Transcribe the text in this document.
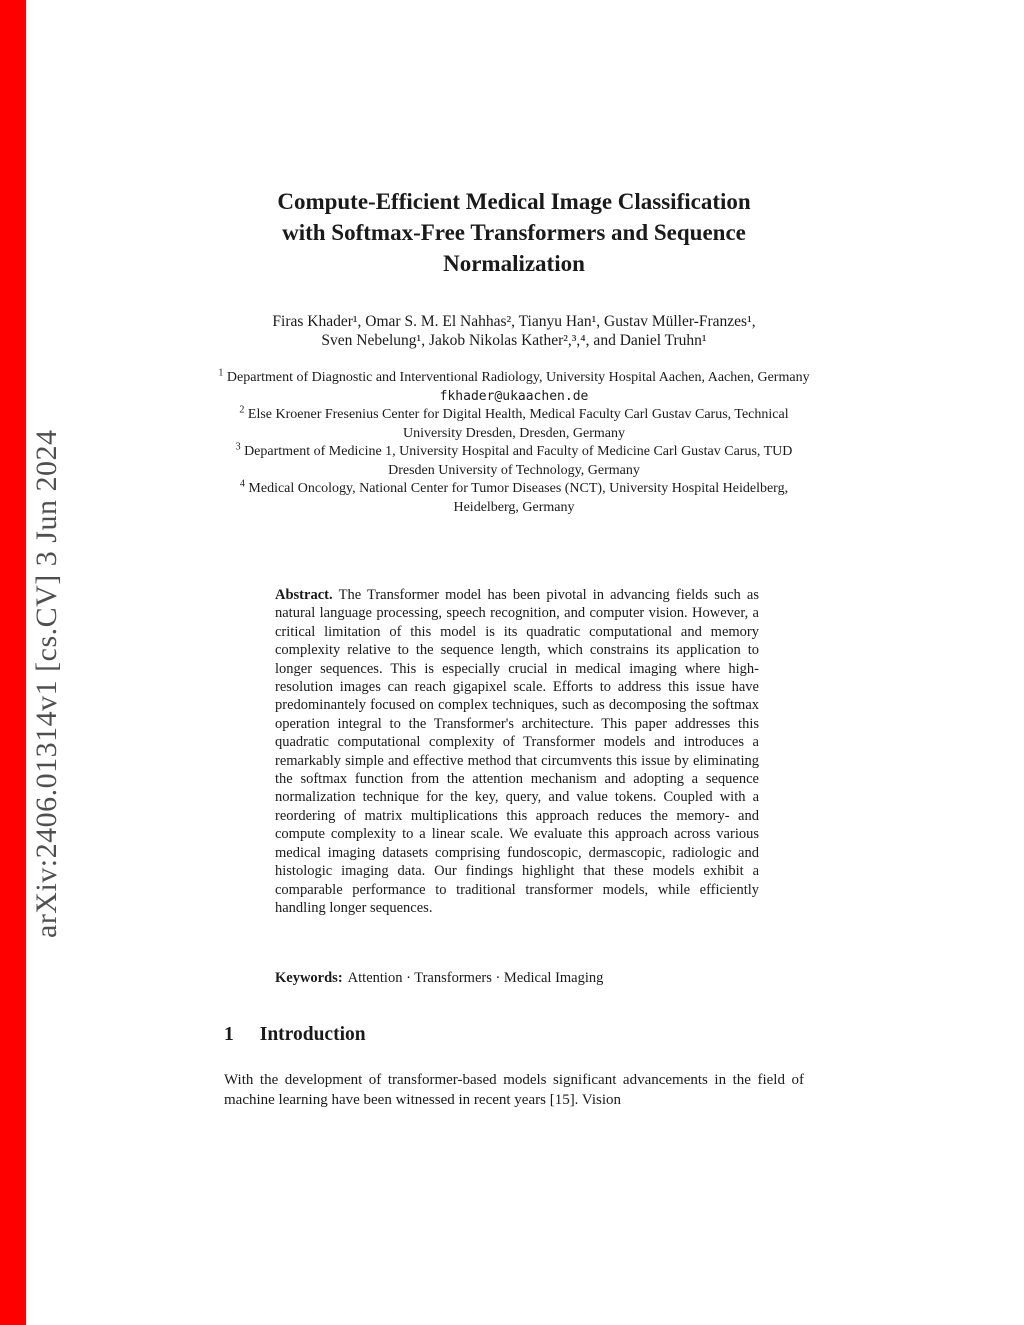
arXiv:2406.01314v1 [cs.CV] 3 Jun 2024
Compute-Efficient Medical Image Classification
with Softmax-Free Transformers and Sequence
Normalization
Firas Khader¹, Omar S. M. El Nahhas², Tianyu Han¹, Gustav Müller-Franzes¹,
Sven Nebelung¹, Jakob Nikolas Kather²,³,⁴, and Daniel Truhn¹
$^1$ Department of Diagnostic and Interventional Radiology, University Hospital Aachen, Aachen, Germany
fkhader@ukaachen.de
$^2$ Else Kroener Fresenius Center for Digital Health, Medical Faculty Carl Gustav Carus, Technical University Dresden, Dresden, Germany
$^3$ Department of Medicine 1, University Hospital and Faculty of Medicine Carl Gustav Carus, TUD Dresden University of Technology, Germany
$^4$ Medical Oncology, National Center for Tumor Diseases (NCT), University Hospital Heidelberg, Heidelberg, Germany

Abstract. The Transformer model has been pivotal in advancing fields such as natural language processing, speech recognition, and computer vision. However, a critical limitation of this model is its quadratic computational and memory complexity relative to the sequence length, which constrains its application to longer sequences. This is especially crucial in medical imaging where high-resolution images can reach gigapixel scale. Efforts to address this issue have predominantely focused on complex techniques, such as decomposing the softmax operation integral to the Transformer's architecture. This paper addresses this quadratic computational complexity of Transformer models and introduces a remarkably simple and effective method that circumvents this issue by eliminating the softmax function from the attention mechanism and adopting a sequence normalization technique for the key, query, and value tokens. Coupled with a reordering of matrix multiplications this approach reduces the memory- and compute complexity to a linear scale. We evaluate this approach across various medical imaging datasets comprising fundoscopic, dermascopic, radiologic and histologic imaging data. Our findings highlight that these models exhibit a comparable performance to traditional transformer models, while efficiently handling longer sequences.

Keywords: Attention · Transformers · Medical Imaging

1 Introduction

With the development of transformer-based models significant advancements in the field of machine learning have been witnessed in recent years [15]. Vision
